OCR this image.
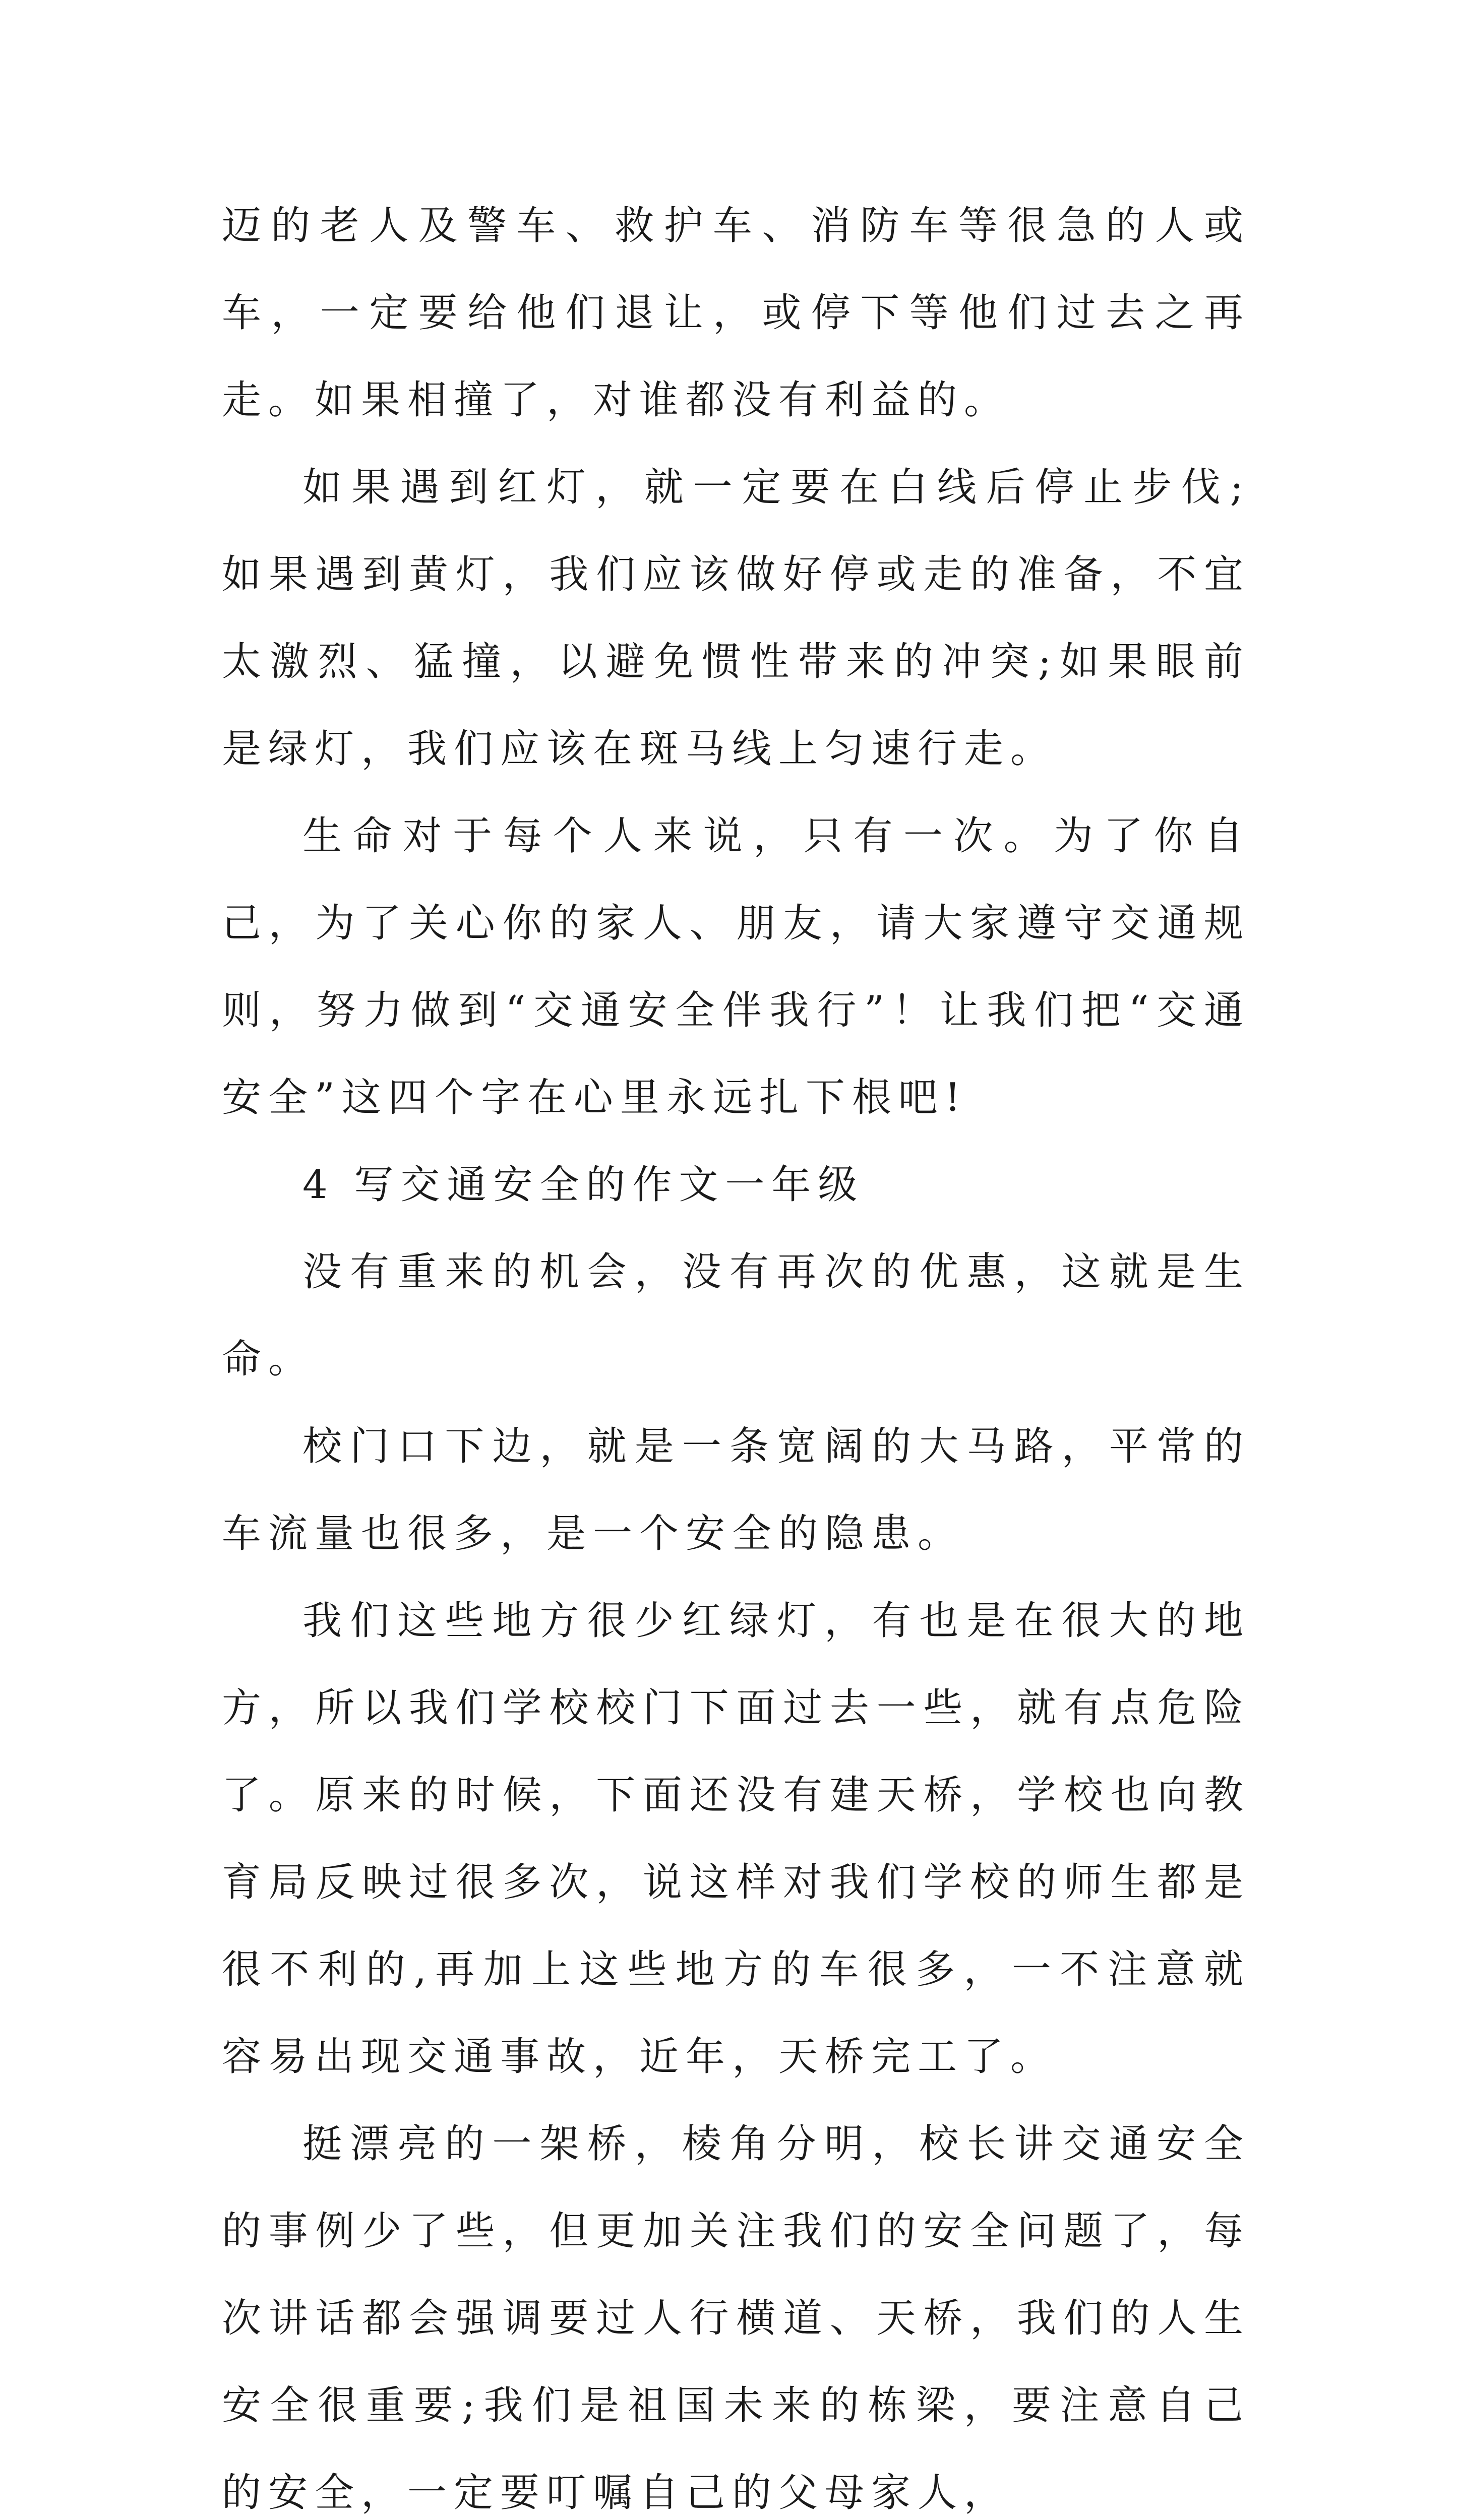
迈的老人及警车、救护车、消防车等很急的人或车，一定要给他们退让，或停下等他们过去之再走。如果相撞了，对谁都没有利益的。

如果遇到红灯，就一定要在白线后停止步伐;如果遇到黄灯，我们应该做好停或走的准备，不宜太激烈、猛撞，以避免惯性带来的冲突;如果眼前是绿灯，我们应该在斑马线上匀速行走。

生命对于每个人来说，只有一次。为了你自己，为了关心你的家人、朋友，请大家遵守交通规则，努力做到“交通安全伴我行”！让我们把“交通安全”这四个字在心里永远扎下根吧!

4 写交通安全的作文一年级

没有重来的机会，没有再次的优惠，这就是生命。

校门口下边，就是一条宽阔的大马路，平常的车流量也很多，是一个安全的隐患。

我们这些地方很少红绿灯，有也是在很大的地方，所以我们学校校门下面过去一些，就有点危险了。原来的时候，下面还没有建天桥，学校也向教育局反映过很多次，说这样对我们学校的师生都是很不利的,再加上这些地方的车很多，一不注意就容易出现交通事故，近年，天桥完工了。

挺漂亮的一架桥，棱角分明，校长讲交通安全的事例少了些，但更加关注我们的安全问题了，每次讲话都会强调要过人行横道、天桥，我们的人生安全很重要;我们是祖国未来的栋梁，要注意自己的安全，一定要叮嘱自己的父母家人，
